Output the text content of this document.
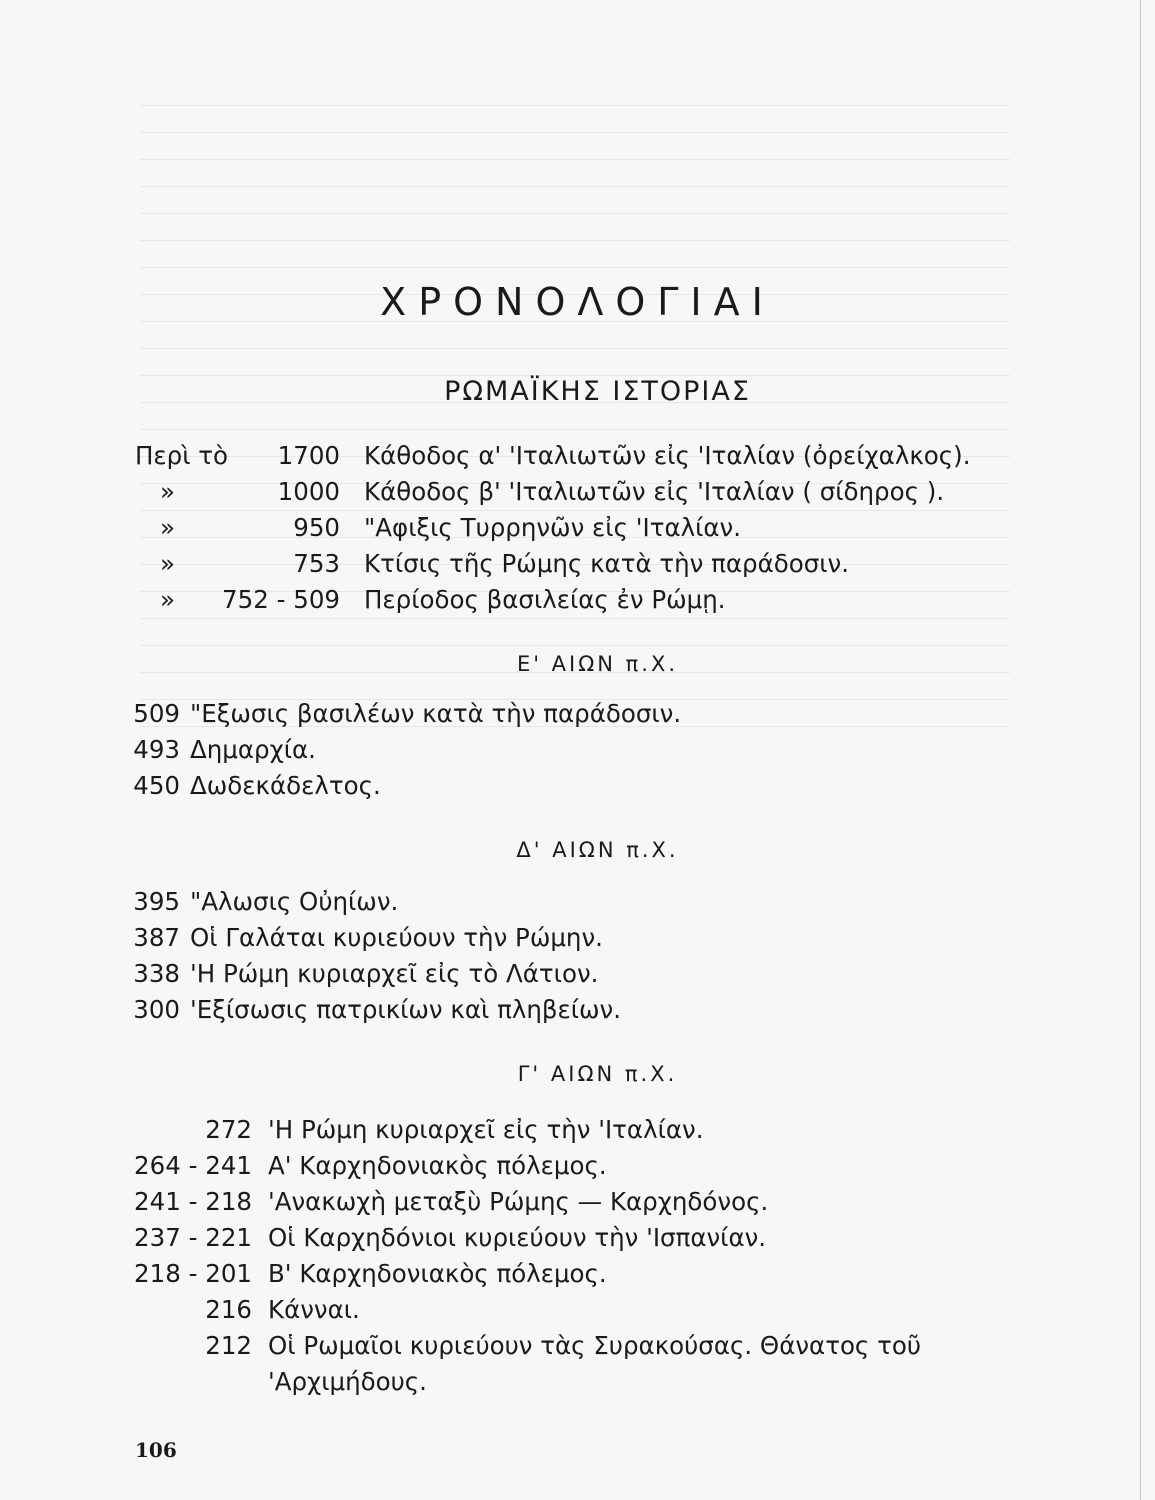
ΧΡΟΝΟΛΟΓΙΑΙ
ΡΩΜΑΪΚΗΣ ΙΣΤΟΡΙΑΣ
Περὶ τὸ	1700 Κάθοδος α' 'Ιταλιωτῶν εἰς 'Ιταλίαν (ὀρείχαλκος).
»	1000 Κάθοδος β' 'Ιταλιωτῶν εἰς 'Ιταλίαν ( σίδηρος ).
»	950 "Αφιξις Τυρρηνῶν εἰς 'Ιταλίαν.
»	753 Κτίσις τῆς Ρώμης κατὰ τὴν παράδοσιν.
»	752 - 509 Περίοδος βασιλείας ἐν Ρώμῃ.
Ε' ΑΙΩΝ π.Χ.
509 "Εξωσις βασιλέων κατὰ τὴν παράδοσιν.
493 Δημαρχία.
450 Δωδεκάδελτος.
Δ' ΑΙΩΝ π.Χ.
395 "Αλωσις Οὐηίων.
387 Οἱ Γαλάται κυριεύουν τὴν Ρώμην.
338 'Η Ρώμη κυριαρχεῖ εἰς τὸ Λάτιον.
300 'Εξίσωσις πατρικίων καὶ πληβείων.
Γ' ΑΙΩΝ π.Χ.
272 'Η Ρώμη κυριαρχεῖ εἰς τὴν 'Ιταλίαν.
264 - 241 Α' Καρχηδονιακὸς πόλεμος.
241 - 218 'Ανακωχὴ μεταξὺ Ρώμης — Καρχηδόνος.
237 - 221 Οἱ Καρχηδόνιοι κυριεύουν τὴν 'Ισπανίαν.
218 - 201 Β' Καρχηδονιακὸς πόλεμος.
216 Κάνναι.
212 Οἱ Ρωμαῖοι κυριεύουν τὰς Συρακούσας. Θάνατος τοῦ
'Αρχιμήδους.
106
